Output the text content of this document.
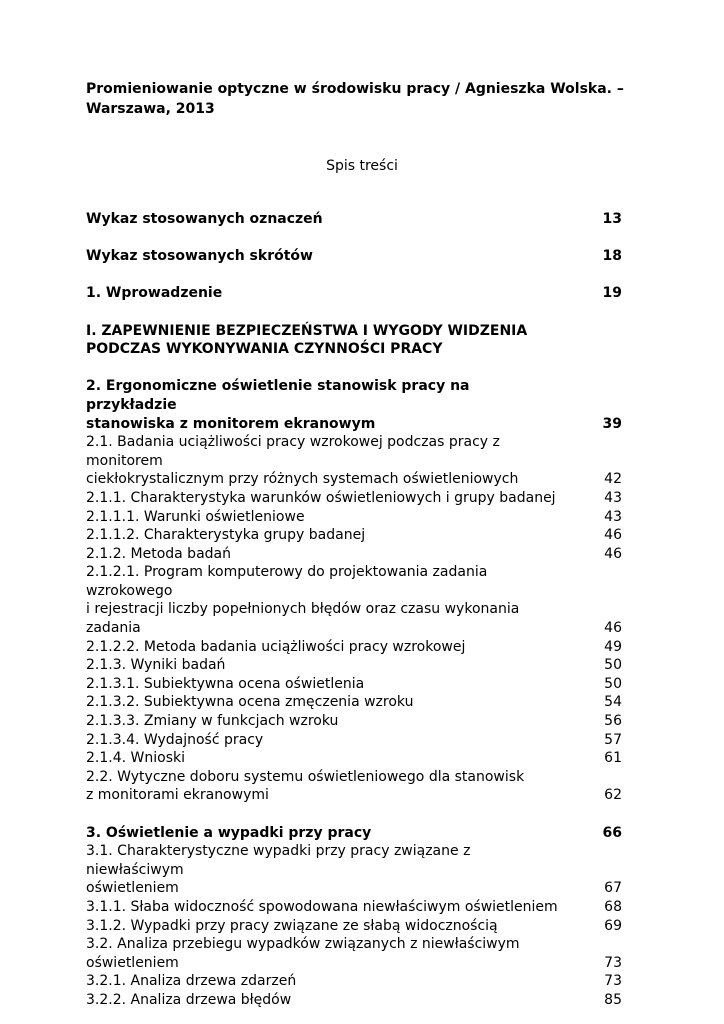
Promieniowanie optyczne w środowisku pracy / Agnieszka Wolska. –
Warszawa, 2013
Spis treści
Wykaz stosowanych oznaczeń	13
Wykaz stosowanych skrótów	18
1. Wprowadzenie	19
I. ZAPEWNIENIE BEZPIECZEŃSTWA I WYGODY WIDZENIA
PODCZAS WYKONYWANIA CZYNNOŚCI PRACY
2. Ergonomiczne oświetlenie stanowisk pracy na przykładzie
stanowiska z monitorem ekranowym	39
2.1. Badania uciążliwości pracy wzrokowej podczas pracy z monitorem
ciekłokrystalicznym przy różnych systemach oświetleniowych	42
2.1.1. Charakterystyka warunków oświetleniowych i grupy badanej	43
2.1.1.1. Warunki oświetleniowe	43
2.1.1.2. Charakterystyka grupy badanej	46
2.1.2. Metoda badań	46
2.1.2.1. Program komputerowy do projektowania zadania wzrokowego
i rejestracji liczby popełnionych błędów oraz czasu wykonania zadania	46
2.1.2.2. Metoda badania uciążliwości pracy wzrokowej	49
2.1.3. Wyniki badań	50
2.1.3.1. Subiektywna ocena oświetlenia	50
2.1.3.2. Subiektywna ocena zmęczenia wzroku	54
2.1.3.3. Zmiany w funkcjach wzroku	56
2.1.3.4. Wydajność pracy	57
2.1.4. Wnioski	61
2.2. Wytyczne doboru systemu oświetleniowego dla stanowisk
z monitorami ekranowymi	62
3. Oświetlenie a wypadki przy pracy	66
3.1. Charakterystyczne wypadki przy pracy związane z niewłaściwym
oświetleniem	67
3.1.1. Słaba widoczność spowodowana niewłaściwym oświetleniem	68
3.1.2. Wypadki przy pracy związane ze słabą widocznością	69
3.2. Analiza przebiegu wypadków związanych z niewłaściwym
oświetleniem	73
3.2.1. Analiza drzewa zdarzeń	73
3.2.2. Analiza drzewa błędów	85
